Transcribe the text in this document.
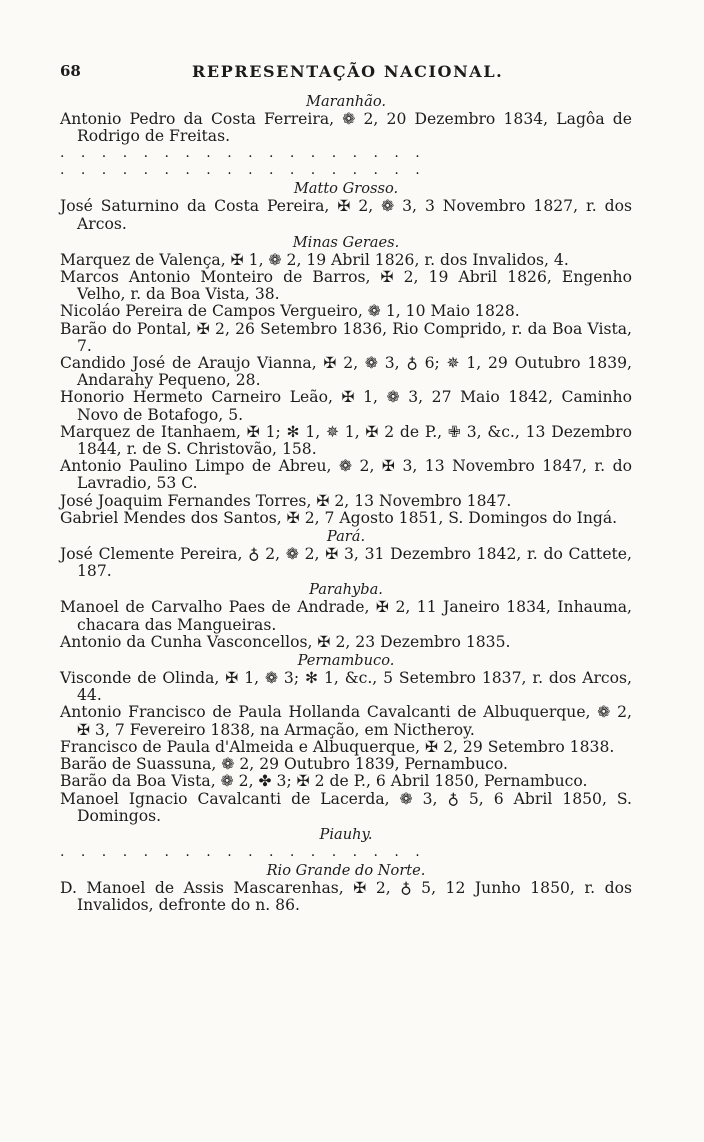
68	REPRESENTAÇÃO NACIONAL.
Maranhão.

Antonio Pedro da Costa Ferreira, ❁ 2, 20 Dezembro 1834, Lagôa de Rodrigo de Freitas.

. . . . . . . . . . . . . . . . . .
. . . . . . . . . . . . . . . . . .
Matto Grosso.

José Saturnino da Costa Pereira, ✠ 2, ❁ 3, 3 Novembro 1827, r. dos Arcos.

Minas Geraes.

Marquez de Valença, ✠ 1, ❁ 2, 19 Abril 1826, r. dos Invalidos, 4.

Marcos Antonio Monteiro de Barros, ✠ 2, 19 Abril 1826, Engenho Velho, r. da Boa Vista, 38.

Nicoláo Pereira de Campos Vergueiro, ❁ 1, 10 Maio 1828.

Barão do Pontal, ✠ 2, 26 Setembro 1836, Rio Comprido, r. da Boa Vista, 7.

Candido José de Araujo Vianna, ✠ 2, ❁ 3, ♁ 6; ✵ 1, 29 Outubro 1839, Andarahy Pequeno, 28.

Honorio Hermeto Carneiro Leão, ✠ 1, ❁ 3, 27 Maio 1842, Caminho Novo de Botafogo, 5.

Marquez de Itanhaem, ✠ 1; ✻ 1, ✵ 1, ✠ 2 de P., ✙ 3, &c., 13 Dezembro 1844, r. de S. Christovão, 158.

Antonio Paulino Limpo de Abreu, ❁ 2, ✠ 3, 13 Novembro 1847, r. do Lavradio, 53 C.

José Joaquim Fernandes Torres, ✠ 2, 13 Novembro 1847.

Gabriel Mendes dos Santos, ✠ 2, 7 Agosto 1851, S. Domingos do Ingá.

Pará.

José Clemente Pereira, ♁ 2, ❁ 2, ✠ 3, 31 Dezembro 1842, r. do Cattete, 187.

Parahyba.

Manoel de Carvalho Paes de Andrade, ✠ 2, 11 Janeiro 1834, Inhauma, chacara das Mangueiras.

Antonio da Cunha Vasconcellos, ✠ 2, 23 Dezembro 1835.

Pernambuco.

Visconde de Olinda, ✠ 1, ❁ 3; ✻ 1, &c., 5 Setembro 1837, r. dos Arcos, 44.

Antonio Francisco de Paula Hollanda Cavalcanti de Albuquerque, ❁ 2, ✠ 3, 7 Fevereiro 1838, na Armação, em Nictheroy.

Francisco de Paula d'Almeida e Albuquerque, ✠ 2, 29 Setembro 1838.

Barão de Suassuna, ❁ 2, 29 Outubro 1839, Pernambuco.

Barão da Boa Vista, ❁ 2, ✤ 3; ✠ 2 de P., 6 Abril 1850, Pernambuco.

Manoel Ignacio Cavalcanti de Lacerda, ❁ 3, ♁ 5, 6 Abril 1850, S. Domingos.

Piauhy.
. . . . . . . . . . . . . . . . . .
Rio Grande do Norte.

D. Manoel de Assis Mascarenhas, ✠ 2, ♁ 5, 12 Junho 1850, r. dos Invalidos, defronte do n. 86.
